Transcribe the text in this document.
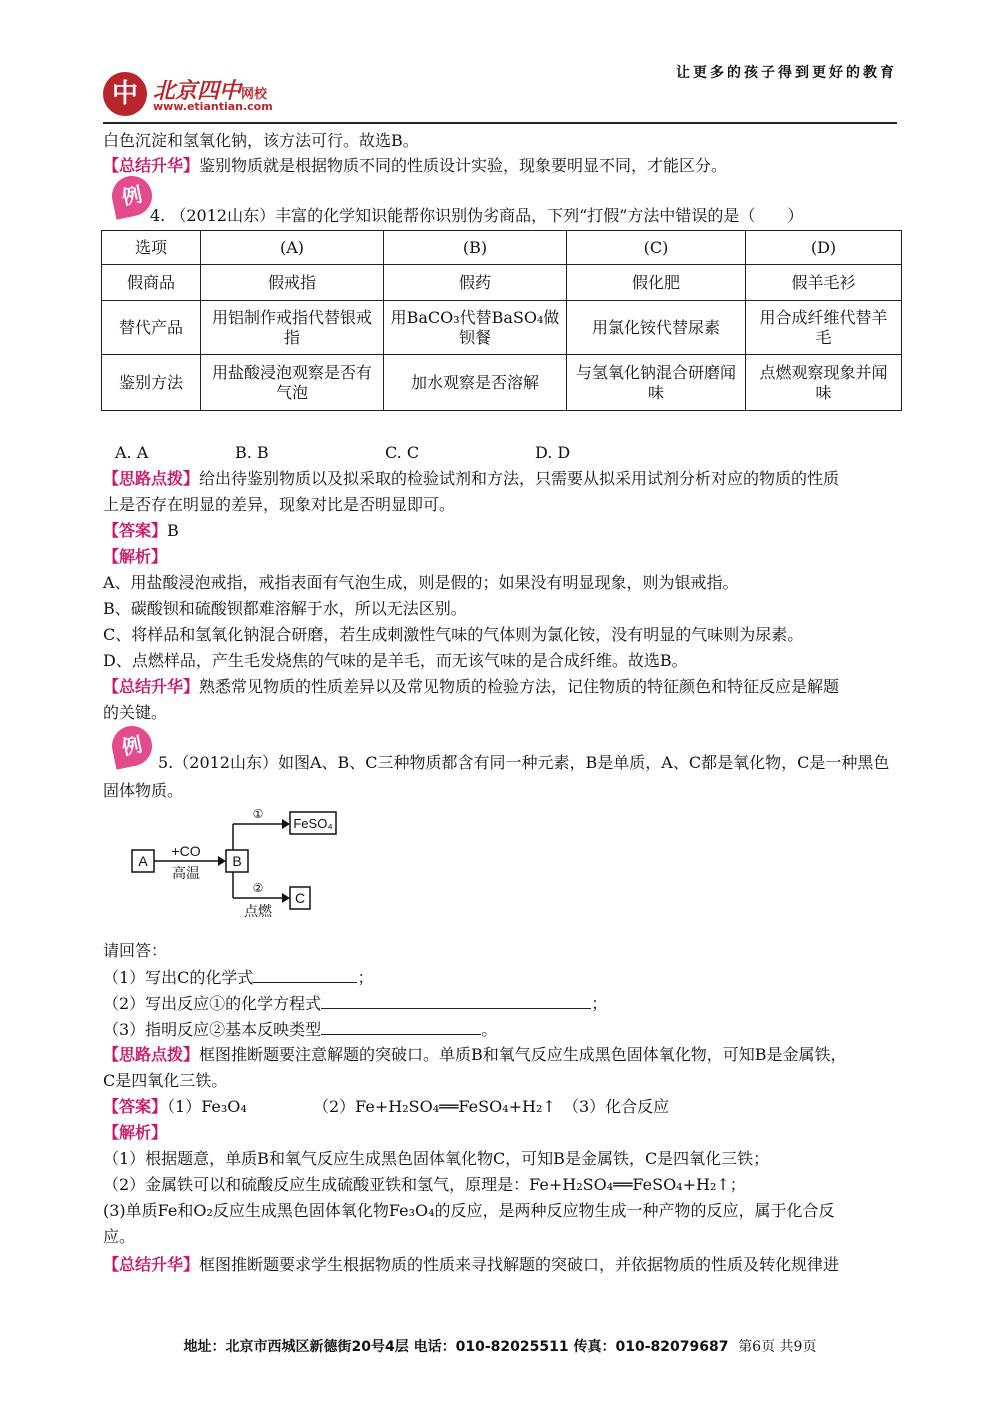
中 北京四中网校
www.etiantian.com
让更多的孩子得到更好的教育
白色沉淀和氢氧化钠，该方法可行。故选B。
【总结升华】鉴别物质就是根据物质不同的性质设计实验，现象要明显不同，才能区分。
例
4. （2012山东）丰富的化学知识能帮你识别伪劣商品，下列“打假”方法中错误的是（　　）
选项	(A)	(B)	(C)	(D)
假商品	假戒指	假药	假化肥	假羊毛衫
替代产品	用铝制作戒指代替银戒指	用BaCO₃代替BaSO₄做钡餐	用氯化铵代替尿素	用合成纤维代替羊毛
鉴别方法	用盐酸浸泡观察是否有气泡	加水观察是否溶解	与氢氧化钠混合研磨闻味	点燃观察现象并闻味
A. A	B. B	C. C	D. D
【思路点拨】给出待鉴别物质以及拟采取的检验试剂和方法，只需要从拟采用试剂分析对应的物质的性质
上是否存在明显的差异，现象对比是否明显即可。
【答案】B
【解析】
A、用盐酸浸泡戒指，戒指表面有气泡生成，则是假的；如果没有明显现象，则为银戒指。
B、碳酸钡和硫酸钡都难溶解于水，所以无法区别。
C、将样品和氢氧化钠混合研磨，若生成刺激性气味的气体则为氯化铵，没有明显的气味则为尿素。
D、点燃样品，产生毛发烧焦的气味的是羊毛，而无该气味的是合成纤维。故选B。
【总结升华】熟悉常见物质的性质差异以及常见物质的检验方法，记住物质的特征颜色和特征反应是解题
的关键。
例
5.（2012山东）如图A、B、C三种物质都含有同一种元素，B是单质，A、C都是氧化物，C是一种黑色
固体物质。
A
+CO
高温
B
①
FeSO₄
②
点燃
C
请回答：
（1）写出C的化学式	；
（2）写出反应①的化学方程式	；
（3）指明反应②基本反映类型	。
【思路点拨】框图推断题要注意解题的突破口。单质B和氧气反应生成黑色固体氧化物，可知B是金属铁，
C是四氧化三铁。
【答案】（1）Fe₃O₄	（2）Fe+H₂SO₄══FeSO₄+H₂↑ （3）化合反应
【解析】
（1）根据题意，单质B和氧气反应生成黑色固体氧化物C，可知B是金属铁，C是四氧化三铁；
（2）金属铁可以和硫酸反应生成硫酸亚铁和氢气，原理是：Fe+H₂SO₄══FeSO₄+H₂↑；
(3)单质Fe和O₂反应生成黑色固体氧化物Fe₃O₄的反应，是两种反应物生成一种产物的反应，属于化合反
应。
【总结升华】框图推断题要求学生根据物质的性质来寻找解题的突破口，并依据物质的性质及转化规律进
地址：北京市西城区新德街20号4层 电话：010-82025511 传真：010-82079687 第6页 共9页
